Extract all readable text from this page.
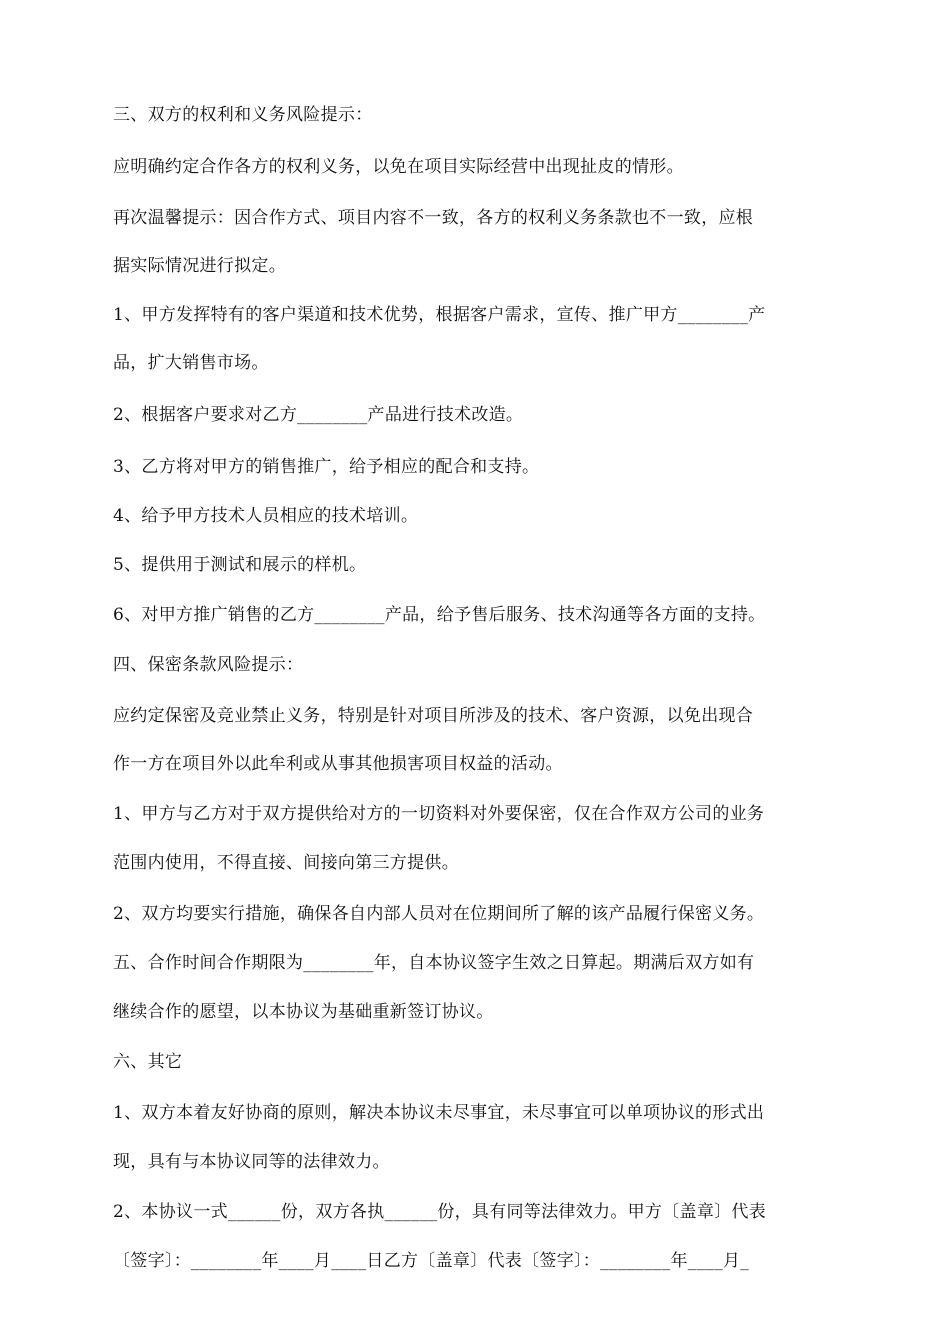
三、双方的权利和义务风险提示：
应明确约定合作各方的权利义务，以免在项目实际经营中出现扯皮的情形。
再次温馨提示：因合作方式、项目内容不一致，各方的权利义务条款也不一致，应根
据实际情况进行拟定。
1、甲方发挥特有的客户渠道和技术优势，根据客户需求，宣传、推广甲方________产
品，扩大销售市场。
2、根据客户要求对乙方________产品进行技术改造。
3、乙方将对甲方的销售推广，给予相应的配合和支持。
4、给予甲方技术人员相应的技术培训。
5、提供用于测试和展示的样机。
6、对甲方推广销售的乙方________产品，给予售后服务、技术沟通等各方面的支持。
四、保密条款风险提示：
应约定保密及竞业禁止义务，特别是针对项目所涉及的技术、客户资源，以免出现合
作一方在项目外以此牟利或从事其他损害项目权益的活动。
1、甲方与乙方对于双方提供给对方的一切资料对外要保密，仅在合作双方公司的业务
范围内使用，不得直接、间接向第三方提供。
2、双方均要实行措施，确保各自内部人员对在位期间所了解的该产品履行保密义务。
五、合作时间合作期限为________年，自本协议签字生效之日算起。期满后双方如有
继续合作的愿望，以本协议为基础重新签订协议。
六、其它
1、双方本着友好协商的原则，解决本协议未尽事宜，未尽事宜可以单项协议的形式出
现，具有与本协议同等的法律效力。
2、本协议一式______份，双方各执______份，具有同等法律效力。甲方〔盖章〕代表
〔签字〕：________年____月____日乙方〔盖章〕代表〔签字〕：________年____月_
